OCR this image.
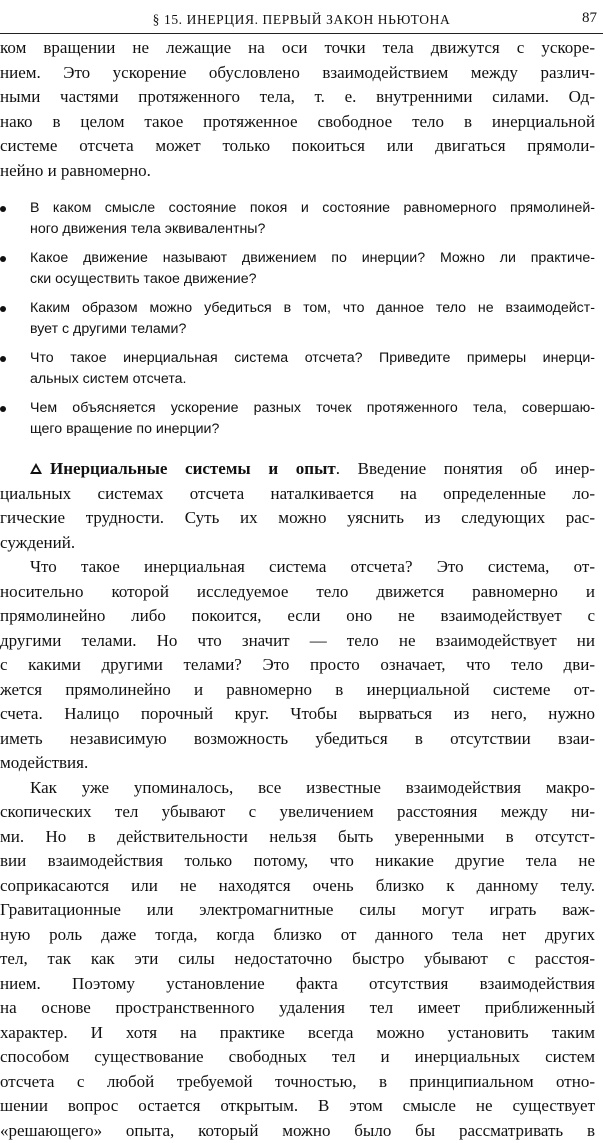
§ 15. ИНЕРЦИЯ. ПЕРВЫЙ ЗАКОН НЬЮТОНА	87
ком вращении не лежащие на оси точки тела движутся с ускоре-
нием. Это ускорение обусловлено взаимодействием между различ-
ными частями протяженного тела, т. е. внутренними силами. Од-
нако в целом такое протяженное свободное тело в инерциальной
системе отсчета может только покоиться или двигаться прямоли-
нейно и равномерно.
В каком смысле состояние покоя и состояние равномерного прямолиней-
ного движения тела эквивалентны?
Какое движение называют движением по инерции? Можно ли практиче-
ски осуществить такое движение?
Каким образом можно убедиться в том, что данное тело не взаимодейст-
вует с другими телами?
Что такое инерциальная система отсчета? Приведите примеры инерци-
альных систем отсчета.
Чем объясняется ускорение разных точек протяженного тела, совершаю-
щего вращение по инерции?
Инерциальные системы и опыт. Введение понятия об инер-
циальных системах отсчета наталкивается на определенные ло-
гические трудности. Суть их можно уяснить из следующих рас-
суждений.
Что такое инерциальная система отсчета? Это система, от-
носительно которой исследуемое тело движется равномерно и
прямолинейно либо покоится, если оно не взаимодействует с
другими телами. Но что значит — тело не взаимодействует ни
с какими другими телами? Это просто означает, что тело дви-
жется прямолинейно и равномерно в инерциальной системе от-
счета. Налицо порочный круг. Чтобы вырваться из него, нужно
иметь независимую возможность убедиться в отсутствии взаи-
модействия.
Как уже упоминалось, все известные взаимодействия макро-
скопических тел убывают с увеличением расстояния между ни-
ми. Но в действительности нельзя быть уверенными в отсутст-
вии взаимодействия только потому, что никакие другие тела не
соприкасаются или не находятся очень близко к данному телу.
Гравитационные или электромагнитные силы могут играть важ-
ную роль даже тогда, когда близко от данного тела нет других
тел, так как эти силы недостаточно быстро убывают с расстоя-
нием. Поэтому установление факта отсутствия взаимодействия
на основе пространственного удаления тел имеет приближенный
характер. И хотя на практике всегда можно установить таким
способом существование свободных тел и инерциальных систем
отсчета с любой требуемой точностью, в принципиальном отно-
шении вопрос остается открытым. В этом смысле не существует
«решающего» опыта, который можно было бы рассматривать в
